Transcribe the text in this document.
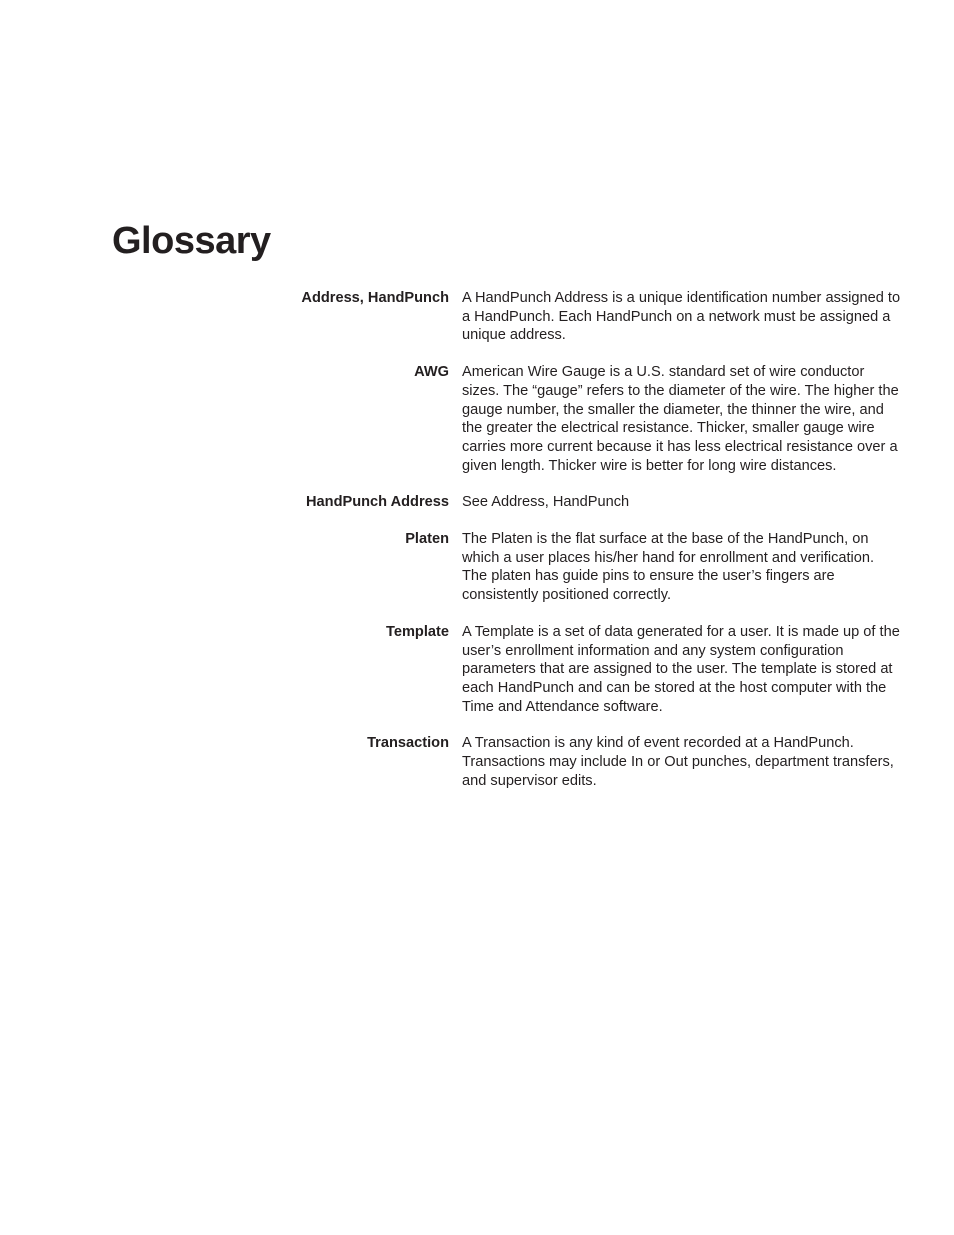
Glossary
Address, HandPunch A HandPunch Address is a unique identification number assigned to a HandPunch. Each HandPunch on a network must be assigned a unique address.
AWG American Wire Gauge is a U.S. standard set of wire conductor sizes. The “gauge” refers to the diameter of the wire. The higher the gauge number, the smaller the diameter, the thinner the wire, and the greater the electrical resistance. Thicker, smaller gauge wire carries more current because it has less electrical resistance over a given length. Thicker wire is better for long wire distances.
HandPunch Address See Address, HandPunch
Platen The Platen is the flat surface at the base of the HandPunch, on which a user places his/her hand for enrollment and verification. The platen has guide pins to ensure the user’s fingers are consistently positioned correctly.
Template A Template is a set of data generated for a user. It is made up of the user’s enrollment information and any system configuration parameters that are assigned to the user. The template is stored at each HandPunch and can be stored at the host computer with the Time and Attendance software.
Transaction A Transaction is any kind of event recorded at a HandPunch. Transactions may include In or Out punches, department transfers, and supervisor edits.
